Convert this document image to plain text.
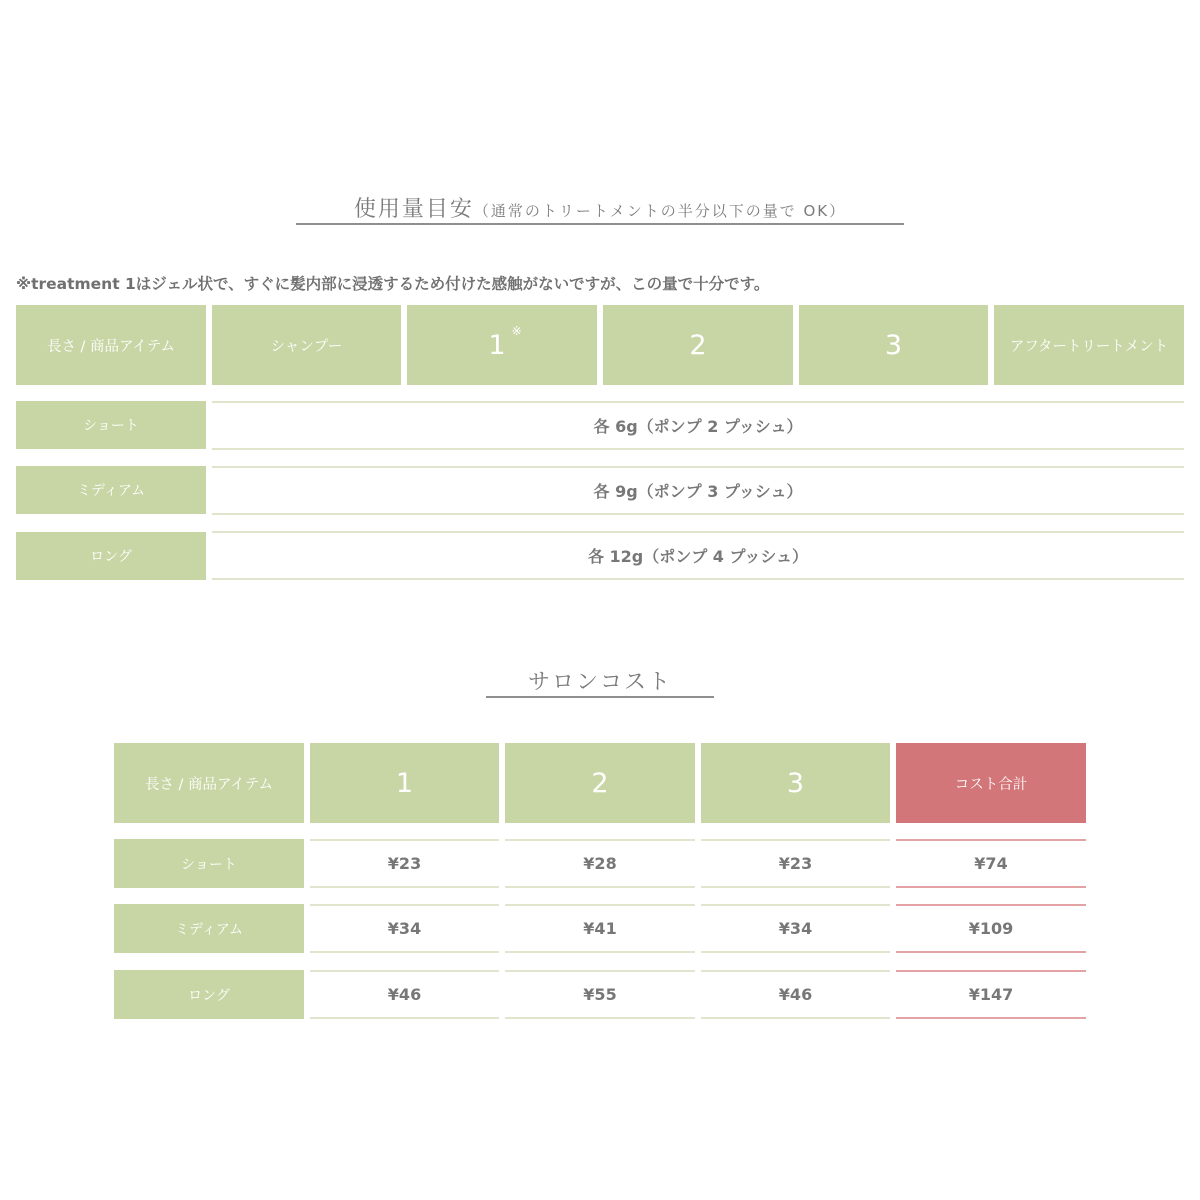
使用量目安（通常のトリートメントの半分以下の量で OK）
※treatment 1はジェル状で、すぐに髪内部に浸透するため付けた感触がないですが、この量で十分です。
長さ / 商品アイテム	シャンプー	1 ※	2	3	アフタートリートメント
ショート	各 6g（ポンプ 2 プッシュ）
ミディアム	各 9g（ポンプ 3 プッシュ）
ロング	各 12g（ポンプ 4 プッシュ）
サロンコスト
長さ / 商品アイテム	1	2	3	コスト合計
ショート	¥23	¥28	¥23	¥74
ミディアム	¥34	¥41	¥34	¥109
ロング	¥46	¥55	¥46	¥147
